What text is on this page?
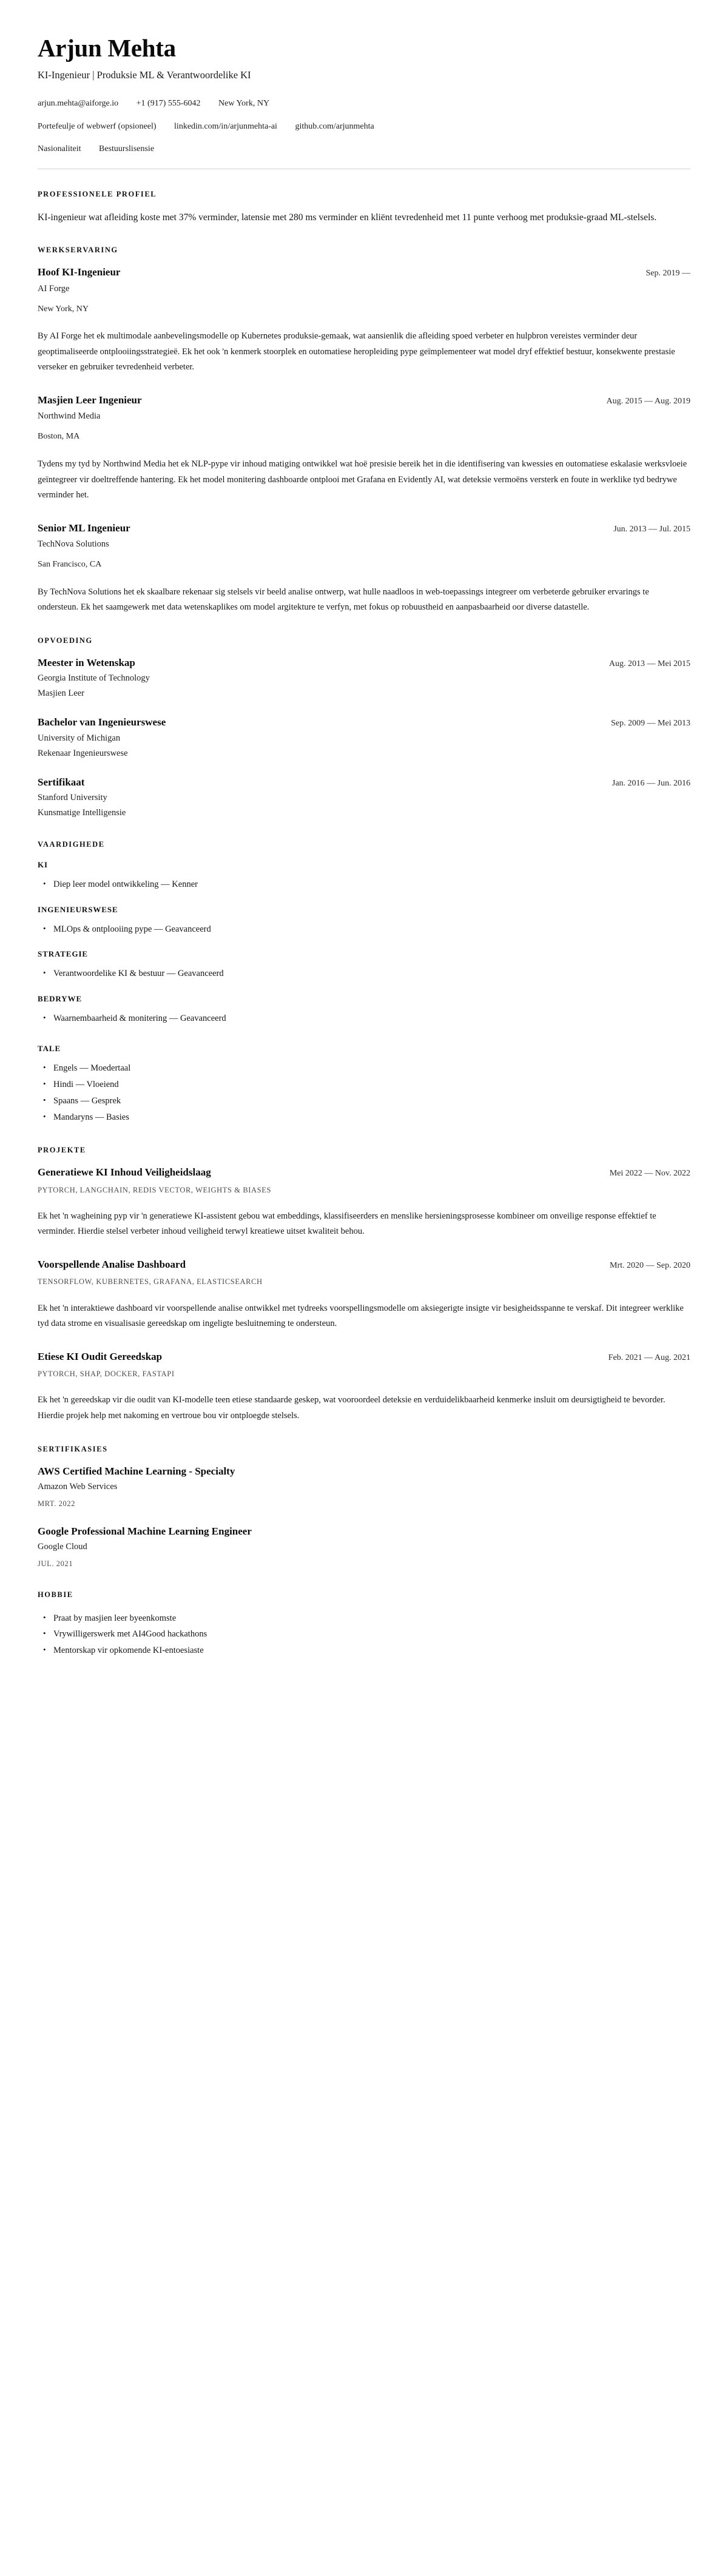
Arjun Mehta
KI-Ingenieur | Produksie ML & Verantwoordelike KI
arjun.mehta@aiforge.io +1 (917) 555-6042 New York, NY
Portefeulje of webwerf (opsioneel) linkedin.com/in/arjunmehta-ai github.com/arjunmehta
Nasionaliteit Bestuurslisensie
PROFESSIONELE PROFIEL

KI-ingenieur wat afleiding koste met 37% verminder, latensie met 280 ms verminder en kliënt tevredenheid met 11 punte verhoog met produksie-graad ML-stelsels.

WERKSERVARING
Hoof KI-Ingenieur	Sep. 2019 —
AI Forge
New York, NY
By AI Forge het ek multimodale aanbevelingsmodelle op Kubernetes produksie-gemaak, wat aansienlik die afleiding spoed verbeter en hulpbron vereistes verminder deur geoptimaliseerde ontplooiingsstrategieë. Ek het ook 'n kenmerk stoorplek en outomatiese heropleiding pype geïmplementeer wat model dryf effektief bestuur, konsekwente prestasie verseker en gebruiker tevredenheid verbeter.
Masjien Leer Ingenieur	Aug. 2015 — Aug. 2019
Northwind Media
Boston, MA
Tydens my tyd by Northwind Media het ek NLP-pype vir inhoud matiging ontwikkel wat hoë presisie bereik het in die identifisering van kwessies en outomatiese eskalasie werksvloeie geïntegreer vir doeltreffende hantering. Ek het model monitering dashboarde ontplooi met Grafana en Evidently AI, wat deteksie vermoëns versterk en foute in werklike tyd bedrywe verminder het.
Senior ML Ingenieur	Jun. 2013 — Jul. 2015
TechNova Solutions
San Francisco, CA
By TechNova Solutions het ek skaalbare rekenaar sig stelsels vir beeld analise ontwerp, wat hulle naadloos in web-toepassings integreer om verbeterde gebruiker ervarings te ondersteun. Ek het saamgewerk met data wetenskaplikes om model argitekture te verfyn, met fokus op robuustheid en aanpasbaarheid oor diverse datastelle.
OPVOEDING
Meester in Wetenskap	Aug. 2013 — Mei 2015
Georgia Institute of Technology
Masjien Leer
Bachelor van Ingenieurswese	Sep. 2009 — Mei 2013
University of Michigan
Rekenaar Ingenieurswese
Sertifikaat	Jan. 2016 — Jun. 2016
Stanford University
Kunsmatige Intelligensie
VAARDIGHEDE
KI
• Diep leer model ontwikkeling — Kenner
INGENIEURSWESE
• MLOps & ontplooiing pype — Geavanceerd
STRATEGIE
• Verantwoordelike KI & bestuur — Geavanceerd
BEDRYWE
• Waarnembaarheid & monitering — Geavanceerd
TALE
• Engels — Moedertaal
• Hindi — Vloeiend
• Spaans — Gesprek
• Mandaryns — Basies
PROJEKTE
Generatiewe KI Inhoud Veiligheidslaag	Mei 2022 — Nov. 2022
PYTORCH, LANGCHAIN, REDIS VECTOR, WEIGHTS & BIASES
Ek het 'n wagheining pyp vir 'n generatiewe KI-assistent gebou wat embeddings, klassifiseerders en menslike hersieningsprosesse kombineer om onveilige response effektief te verminder. Hierdie stelsel verbeter inhoud veiligheid terwyl kreatiewe uitset kwaliteit behou.
Voorspellende Analise Dashboard	Mrt. 2020 — Sep. 2020
TENSORFLOW, KUBERNETES, GRAFANA, ELASTICSEARCH
Ek het 'n interaktiewe dashboard vir voorspellende analise ontwikkel met tydreeks voorspellingsmodelle om aksiegerigte insigte vir besigheidsspanne te verskaf. Dit integreer werklike tyd data strome en visualisasie gereedskap om ingeligte besluitneming te ondersteun.
Etiese KI Oudit Gereedskap	Feb. 2021 — Aug. 2021
PYTORCH, SHAP, DOCKER, FASTAPI
Ek het 'n gereedskap vir die oudit van KI-modelle teen etiese standaarde geskep, wat vooroordeel deteksie en verduidelikbaarheid kenmerke insluit om deursigtigheid te bevorder. Hierdie projek help met nakoming en vertroue bou vir ontploegde stelsels.
SERTIFIKASIES
AWS Certified Machine Learning - Specialty
Amazon Web Services
MRT. 2022
Google Professional Machine Learning Engineer
Google Cloud
JUL. 2021
HOBBIE
• Praat by masjien leer byeenkomste
• Vrywilligerswerk met AI4Good hackathons
• Mentorskap vir opkomende KI-entoesiaste
